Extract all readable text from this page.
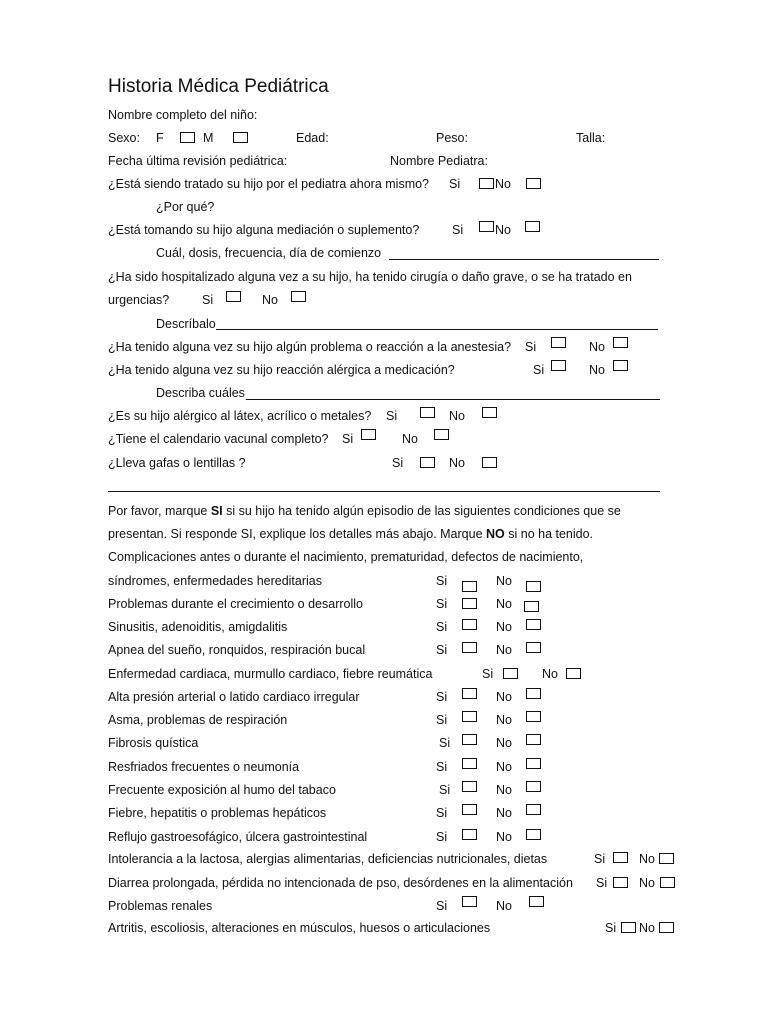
Historia Médica Pediátrica
Nombre completo del niño:
Sexo: F	M	Edad:	Peso:	Talla:
Fecha última revisión pediátrica:	Nombre Pediatra:
¿Está siendo tratado su hijo por el pediatra ahora mismo? Si	No
¿Por qué?
¿Está tomando su hijo alguna mediación o suplemento?	Si	No
Cuál, dosis, frecuencia, día de comienzo
¿Ha sido hospitalizado alguna vez a su hijo, ha tenido cirugía o daño grave, o se ha tratado en
urgencias?	Si	No
Descríbalo
¿Ha tenido alguna vez su hijo algún problema o reacción a la anestesia? Si	No
¿Ha tenido alguna vez su hijo reacción alérgica a medicación?	Si	No
Describa cuáles
¿Es su hijo alérgico al látex, acrílico o metales? Si	No
¿Tiene el calendario vacunal completo? Si	No
¿Lleva gafas o lentillas ?	Si	No
Por favor, marque SI si su hijo ha tenido algún episodio de las siguientes condiciones que se
presentan. Si responde SI, explique los detalles más abajo. Marque NO si no ha tenido.
Complicaciones antes o durante el nacimiento, prematuridad, defectos de nacimiento,
síndromes, enfermedades hereditarias	Si	No
Problemas durante el crecimiento o desarrollo	Si	No
Sinusitis, adenoiditis, amigdalitis	Si	No
Apnea del sueño, ronquidos, respiración bucal	Si	No
Enfermedad cardiaca, murmullo cardiaco, fiebre reumática	Si	No
Alta presión arterial o latido cardiaco irregular	Si	No
Asma, problemas de respiración	Si	No
Fibrosis quística	Si	No
Resfriados frecuentes o neumonía	Si	No
Frecuente exposición al humo del tabaco	Si	No
Fiebre, hepatitis o problemas hepáticos	Si	No
Reflujo gastroesofágico, úlcera gastrointestinal	Si	No
Intolerancia a la lactosa, alergias alimentarias, deficiencias nutricionales, dietas	Si	No
Diarrea prolongada, pérdida no intencionada de pso, desórdenes en la alimentación Si	No
Problemas renales	Si	No
Artritis, escoliosis, alteraciones en músculos, huesos o articulaciones	Si No
